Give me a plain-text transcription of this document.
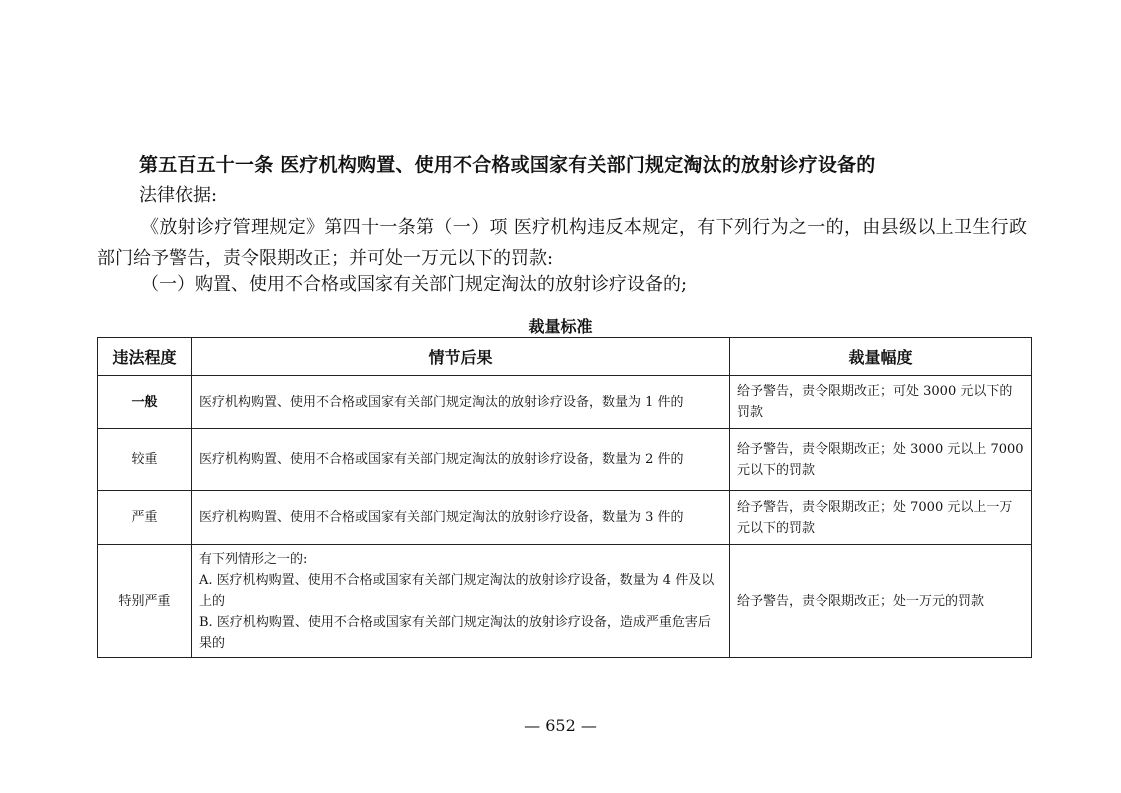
第五百五十一条 医疗机构购置、使用不合格或国家有关部门规定淘汰的放射诊疗设备的
法律依据:
《放射诊疗管理规定》第四十一条第（一）项 医疗机构违反本规定，有下列行为之一的，由县级以上卫生行政部门给予警告，责令限期改正；并可处一万元以下的罚款:
（一）购置、使用不合格或国家有关部门规定淘汰的放射诊疗设备的;
裁量标准
违法程度	情节后果	裁量幅度
一般	医疗机构购置、使用不合格或国家有关部门规定淘汰的放射诊疗设备，数量为 1 件的	给予警告，责令限期改正；可处 3000 元以下的罚款
较重	医疗机构购置、使用不合格或国家有关部门规定淘汰的放射诊疗设备，数量为 2 件的	给予警告，责令限期改正；处 3000 元以上 7000 元以下的罚款
严重	医疗机构购置、使用不合格或国家有关部门规定淘汰的放射诊疗设备，数量为 3 件的	给予警告，责令限期改正；处 7000 元以上一万元以下的罚款
特别严重	有下列情形之一的:
A. 医疗机构购置、使用不合格或国家有关部门规定淘汰的放射诊疗设备，数量为 4 件及以上的
B. 医疗机构购置、使用不合格或国家有关部门规定淘汰的放射诊疗设备，造成严重危害后果的	给予警告，责令限期改正；处一万元的罚款
— 652 —
